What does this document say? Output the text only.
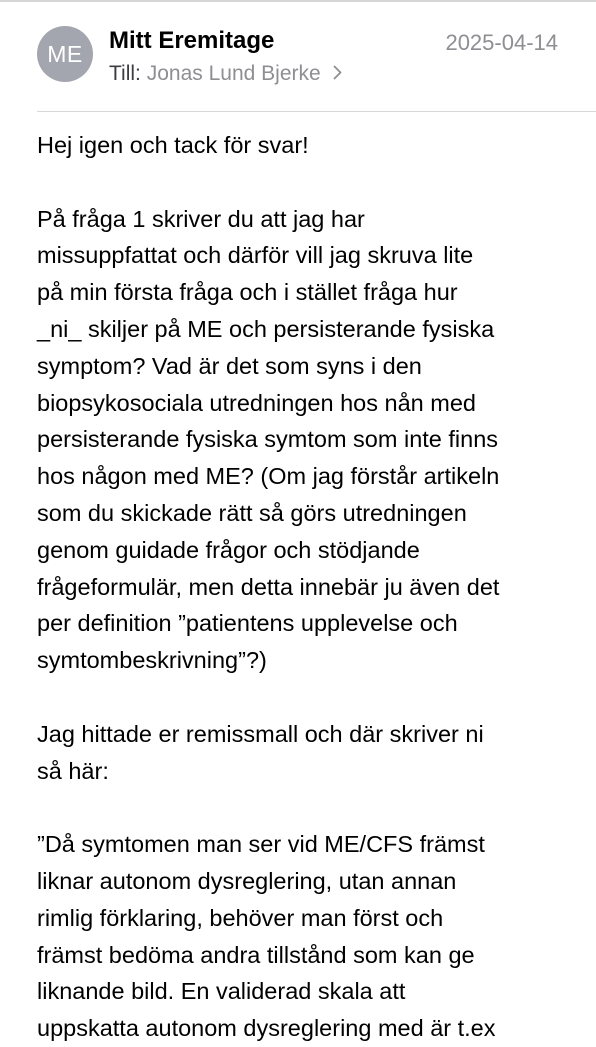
ME	Mitt Eremitage	2025-04-14
Till: Jonas Lund Bjerke
Hej igen och tack för svar!
På fråga 1 skriver du att jag har
missuppfattat och därför vill jag skruva lite
på min första fråga och i stället fråga hur
_ni_ skiljer på ME och persisterande fysiska
symptom? Vad är det som syns i den
biopsykosociala utredningen hos nån med
persisterande fysiska symtom som inte finns
hos någon med ME? (Om jag förstår artikeln
som du skickade rätt så görs utredningen
genom guidade frågor och stödjande
frågeformulär, men detta innebär ju även det
per definition ”patientens upplevelse och
symtombeskrivning”?)
Jag hittade er remissmall och där skriver ni
så här:
”Då symtomen man ser vid ME/CFS främst
liknar autonom dysreglering, utan annan
rimlig förklaring, behöver man först och
främst bedöma andra tillstånd som kan ge
liknande bild. En validerad skala att
uppskatta autonom dysreglering med är t.ex
